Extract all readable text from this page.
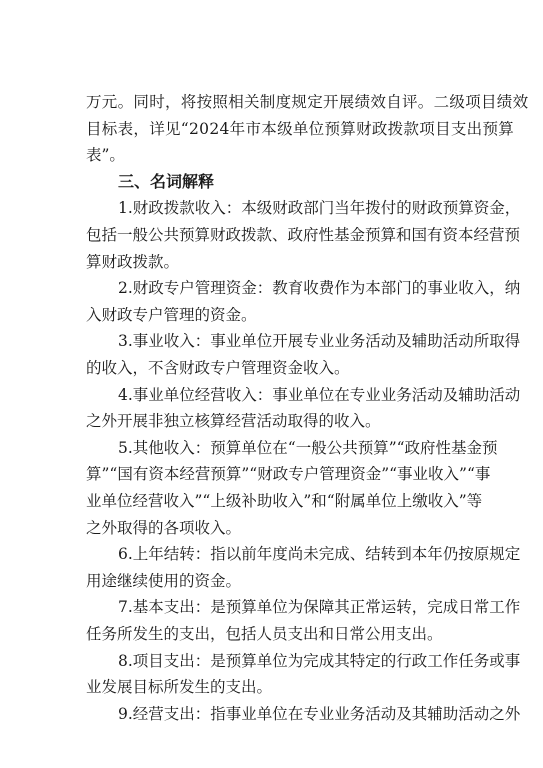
万元。同时，将按照相关制度规定开展绩效自评。二级项目绩效
目标表，详见“2024年市本级单位预算财政拨款项目支出预算
表”。
三、名词解释
1.财政拨款收入：本级财政部门当年拨付的财政预算资金，
包括一般公共预算财政拨款、政府性基金预算和国有资本经营预
算财政拨款。
2.财政专户管理资金：教育收费作为本部门的事业收入，纳
入财政专户管理的资金。
3.事业收入：事业单位开展专业业务活动及辅助活动所取得
的收入，不含财政专户管理资金收入。
4.事业单位经营收入：事业单位在专业业务活动及辅助活动
之外开展非独立核算经营活动取得的收入。
5.其他收入：预算单位在“一般公共预算”“政府性基金预
算”“国有资本经营预算”“财政专户管理资金”“事业收入”“事
业单位经营收入”“上级补助收入”和“附属单位上缴收入”等
之外取得的各项收入。
6.上年结转：指以前年度尚未完成、结转到本年仍按原规定
用途继续使用的资金。
7.基本支出：是预算单位为保障其正常运转，完成日常工作
任务所发生的支出，包括人员支出和日常公用支出。
8.项目支出：是预算单位为完成其特定的行政工作任务或事
业发展目标所发生的支出。
9.经营支出：指事业单位在专业业务活动及其辅助活动之外
